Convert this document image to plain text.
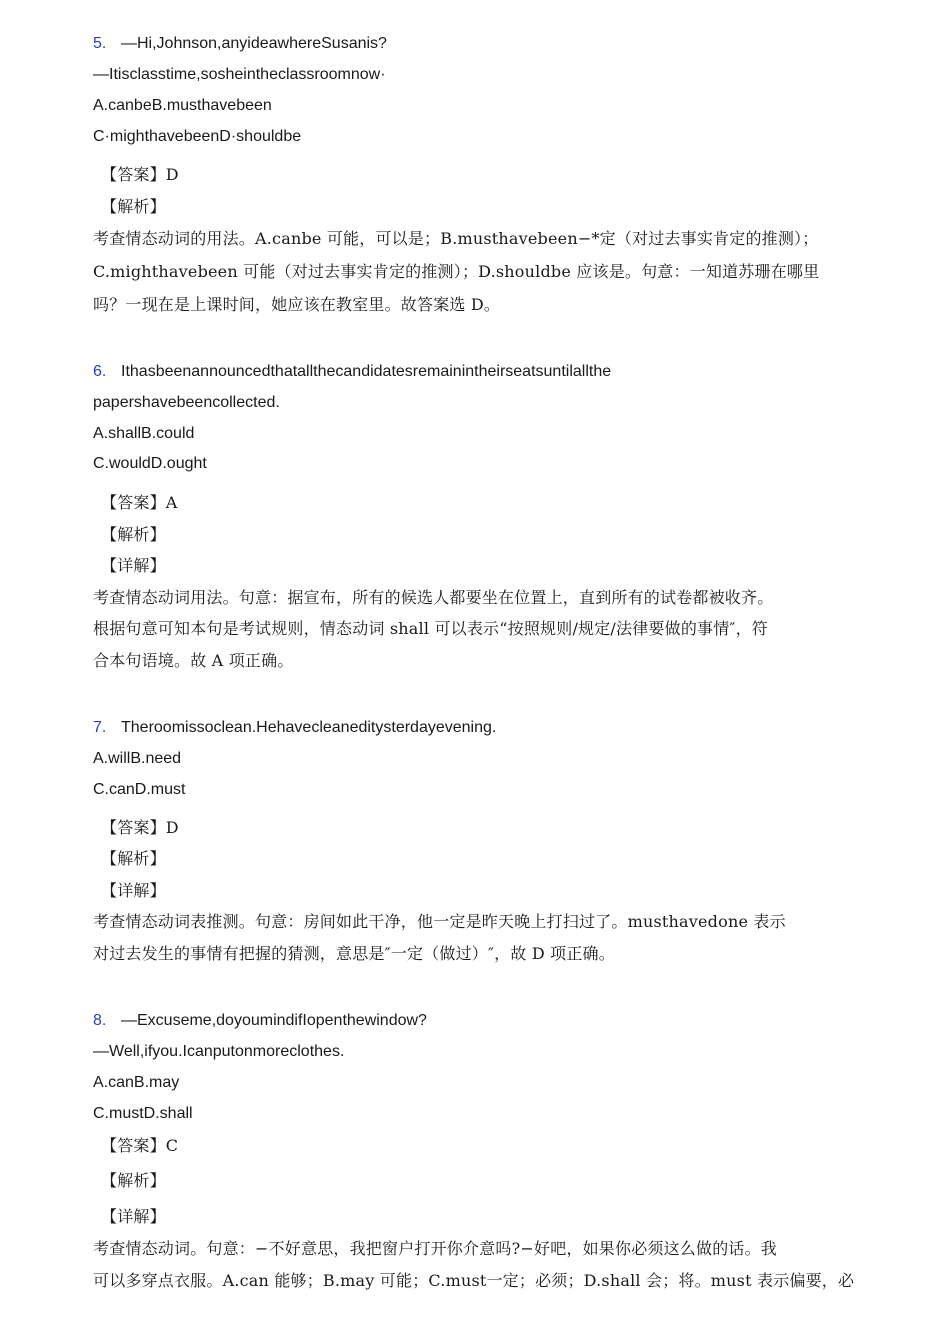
5. —Hi,Johnson,anyideawhereSusanis?
—Itisclasstime,sosheintheclassroomnow·
A.canbeB.musthavebeen
C·mighthavebeenD·shouldbe
【答案】D
【解析】
考查情态动词的用法。A.canbe 可能，可以是；B.musthavebeen−*定（对过去事实肯定的推测）；
C.mighthavebeen 可能（对过去事实肯定的推测）；D.shouldbe 应该是。句意：一知道苏珊在哪里
吗？一现在是上课时间，她应该在教室里。故答案选 D。
6. Ithasbeenannouncedthatallthecandidatesremainintheirseatsuntilallthe
papershavebeencollected.
A.shallB.could
C.wouldD.ought
【答案】A
【解析】
【详解】
考查情态动词用法。句意：据宣布，所有的候选人都要坐在位置上，直到所有的试卷都被收齐。
根据句意可知本句是考试规则，情态动词 shall 可以表示“按照规则/规定/法律要做的事情″，符
合本句语境。故 A 项正确。
7. Theroomissoclean.Hehavecleaneditysterdayevening.
A.willB.need
C.canD.must
【答案】D
【解析】
【详解】
考查情态动词表推测。句意：房间如此干净，他一定是昨天晚上打扫过了。musthavedone 表示
对过去发生的事情有把握的猜测，意思是″一定（做过）″，故 D 项正确。
8. —Excuseme,doyoumindifIopenthewindow?
—Well,ifyou.Icanputonmoreclothes.
A.canB.may
C.mustD.shall
【答案】C
【解析】
【详解】
考查情态动词。句意：−不好意思，我把窗户打开你介意吗?−好吧，如果你必须这么做的话。我
可以多穿点衣服。A.can 能够；B.may 可能；C.must一定；必须；D.shall 会；将。must 表示偏要，必
